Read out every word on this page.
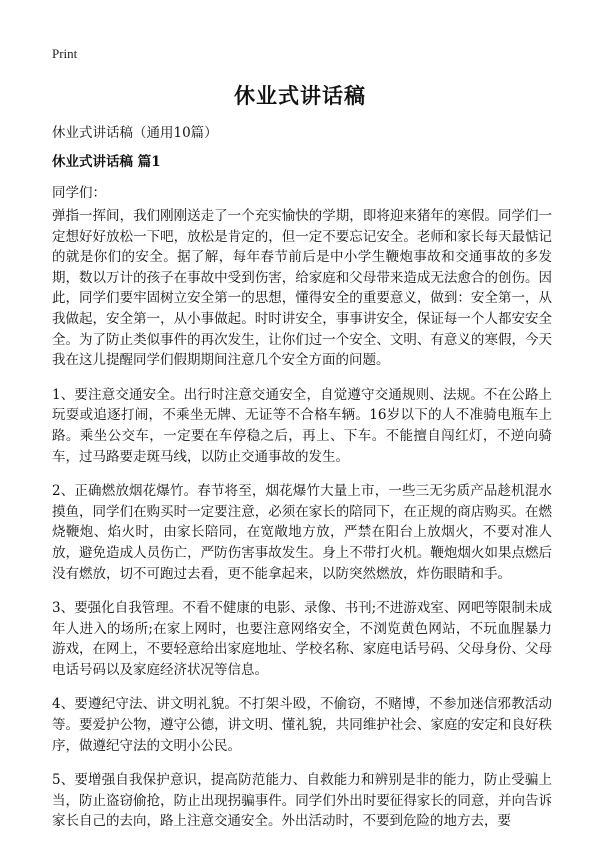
Print
休业式讲话稿
休业式讲话稿（通用10篇）
休业式讲话稿 篇1
同学们：

弹指一挥间，我们刚刚送走了一个充实愉快的学期，即将迎来猪年的寒假。同学们一定想好好放松一下吧，放松是肯定的，但一定不要忘记安全。老师和家长每天最惦记的就是你们的安全。据了解，每年春节前后是中小学生鞭炮事故和交通事故的多发期，数以万计的孩子在事故中受到伤害，给家庭和父母带来造成无法愈合的创伤。因此，同学们要牢固树立安全第一的思想，懂得安全的重要意义，做到：安全第一，从我做起，安全第一，从小事做起。时时讲安全，事事讲安全，保证每一个人都安安全全。为了防止类似事件的再次发生，让你们过一个安全、文明、有意义的寒假，今天我在这儿提醒同学们假期期间注意几个安全方面的问题。

1、要注意交通安全。出行时注意交通安全，自觉遵守交通规则、法规。不在公路上玩耍或追逐打闹，不乘坐无牌、无证等不合格车辆。16岁以下的人不准骑电瓶车上路。乘坐公交车，一定要在车停稳之后，再上、下车。不能擅自闯红灯，不逆向骑车，过马路要走斑马线，以防止交通事故的发生。

2、正确燃放烟花爆竹。春节将至，烟花爆竹大量上市，一些三无劣质产品趁机混水摸鱼，同学们在购买时一定要注意，必须在家长的陪同下，在正规的商店购买。在燃烧鞭炮、焰火时，由家长陪同，在宽敞地方放，严禁在阳台上放烟火，不要对准人放，避免造成人员伤亡，严防伤害事故发生。身上不带打火机。鞭炮烟火如果点燃后没有燃放，切不可跑过去看，更不能拿起来，以防突然燃放，炸伤眼睛和手。

3、要强化自我管理。不看不健康的电影、录像、书刊;不进游戏室、网吧等限制未成年人进入的场所;在家上网时，也要注意网络安全，不浏览黄色网站，不玩血腥暴力游戏，在网上，不要轻意给出家庭地址、学校名称、家庭电话号码、父母身份、父母电话号码以及家庭经济状况等信息。

4、要遵纪守法、讲文明礼貌。不打架斗殴，不偷窃，不赌博，不参加迷信邪教活动等。要爱护公物，遵守公德，讲文明、懂礼貌，共同维护社会、家庭的安定和良好秩序，做遵纪守法的文明小公民。

5、要增强自我保护意识，提高防范能力、自救能力和辨别是非的能力，防止受骗上当，防止盗窃偷抢，防止出现拐骗事件。同学们外出时要征得家长的同意，并向告诉家长自己的去向，路上注意交通安全。外出活动时，不要到危险的地方去，要
